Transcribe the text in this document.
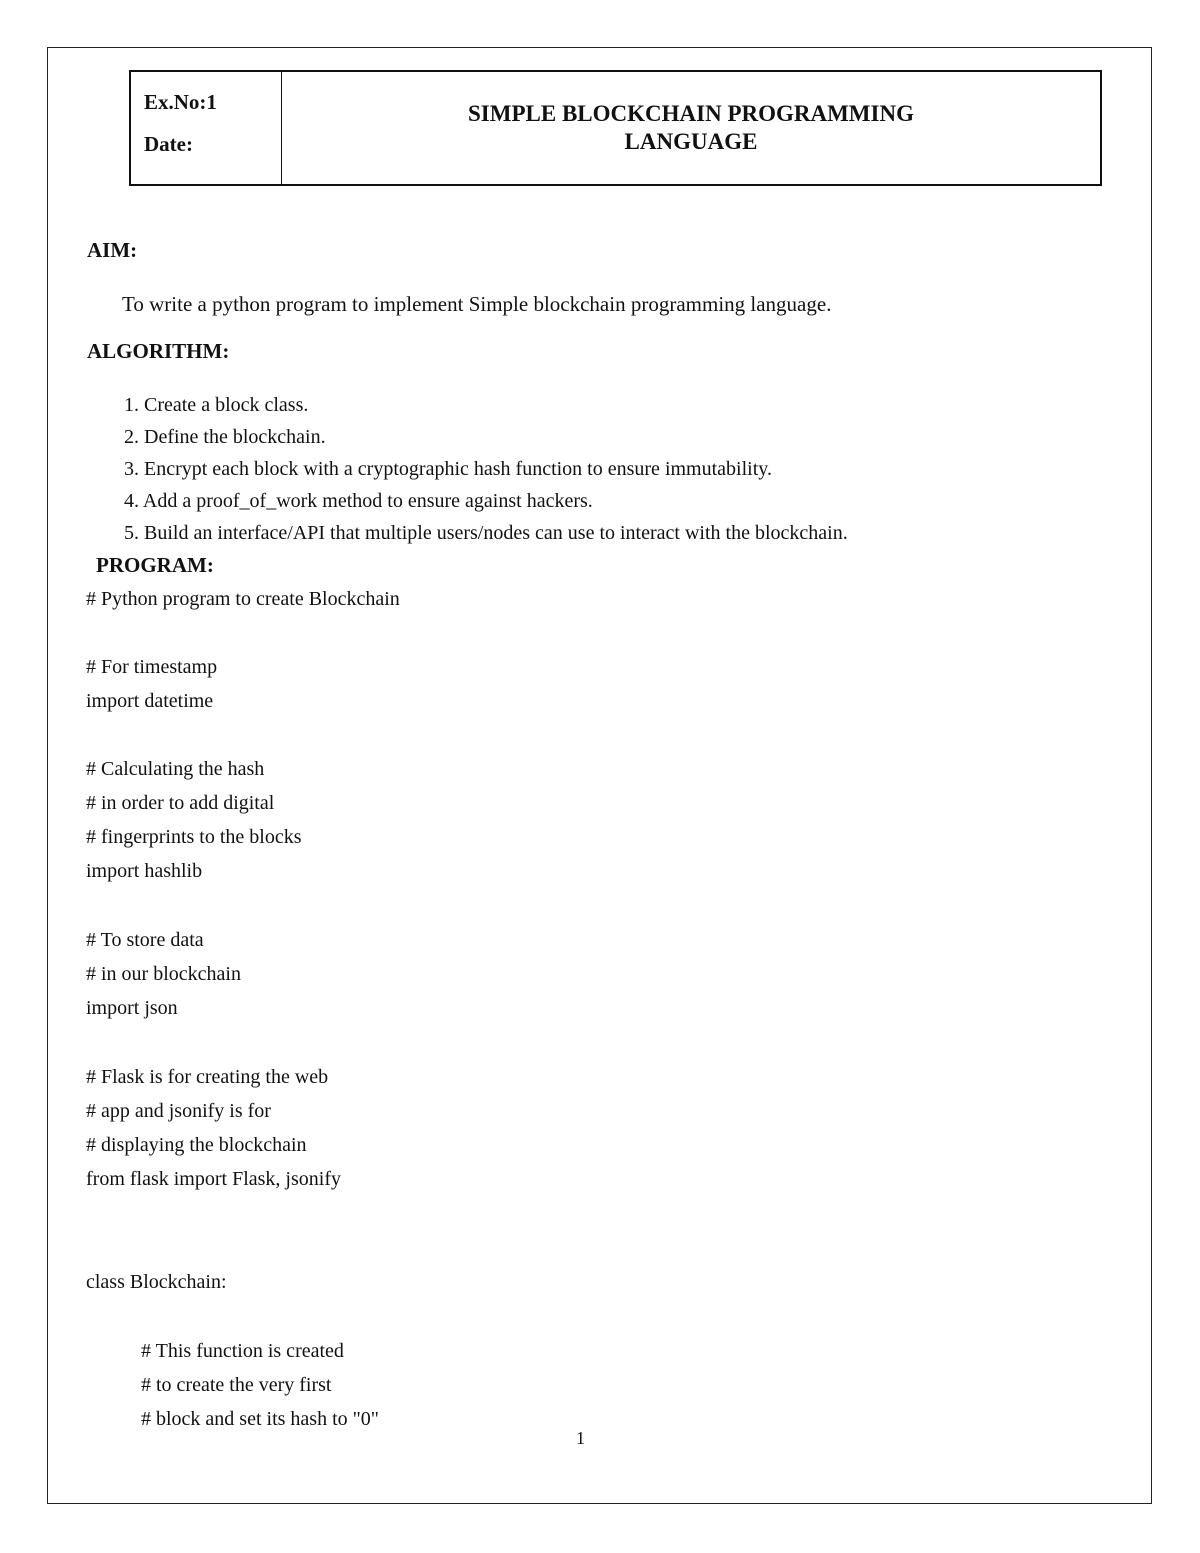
Ex.No:1
Date:
SIMPLE BLOCKCHAIN PROGRAMMING
LANGUAGE
AIM:
To write a python program to implement Simple blockchain programming language.
ALGORITHM:
1. Create a block class.
2. Define the blockchain.
3. Encrypt each block with a cryptographic hash function to ensure immutability.
4. Add a proof_of_work method to ensure against hackers.
5. Build an interface/API that multiple users/nodes can use to interact with the blockchain.
PROGRAM:
# Python program to create Blockchain
# For timestamp
import datetime
# Calculating the hash
# in order to add digital
# fingerprints to the blocks
import hashlib
# To store data
# in our blockchain
import json
# Flask is for creating the web
# app and jsonify is for
# displaying the blockchain
from flask import Flask, jsonify
class Blockchain:
# This function is created
# to create the very first
# block and set its hash to "0"
1
